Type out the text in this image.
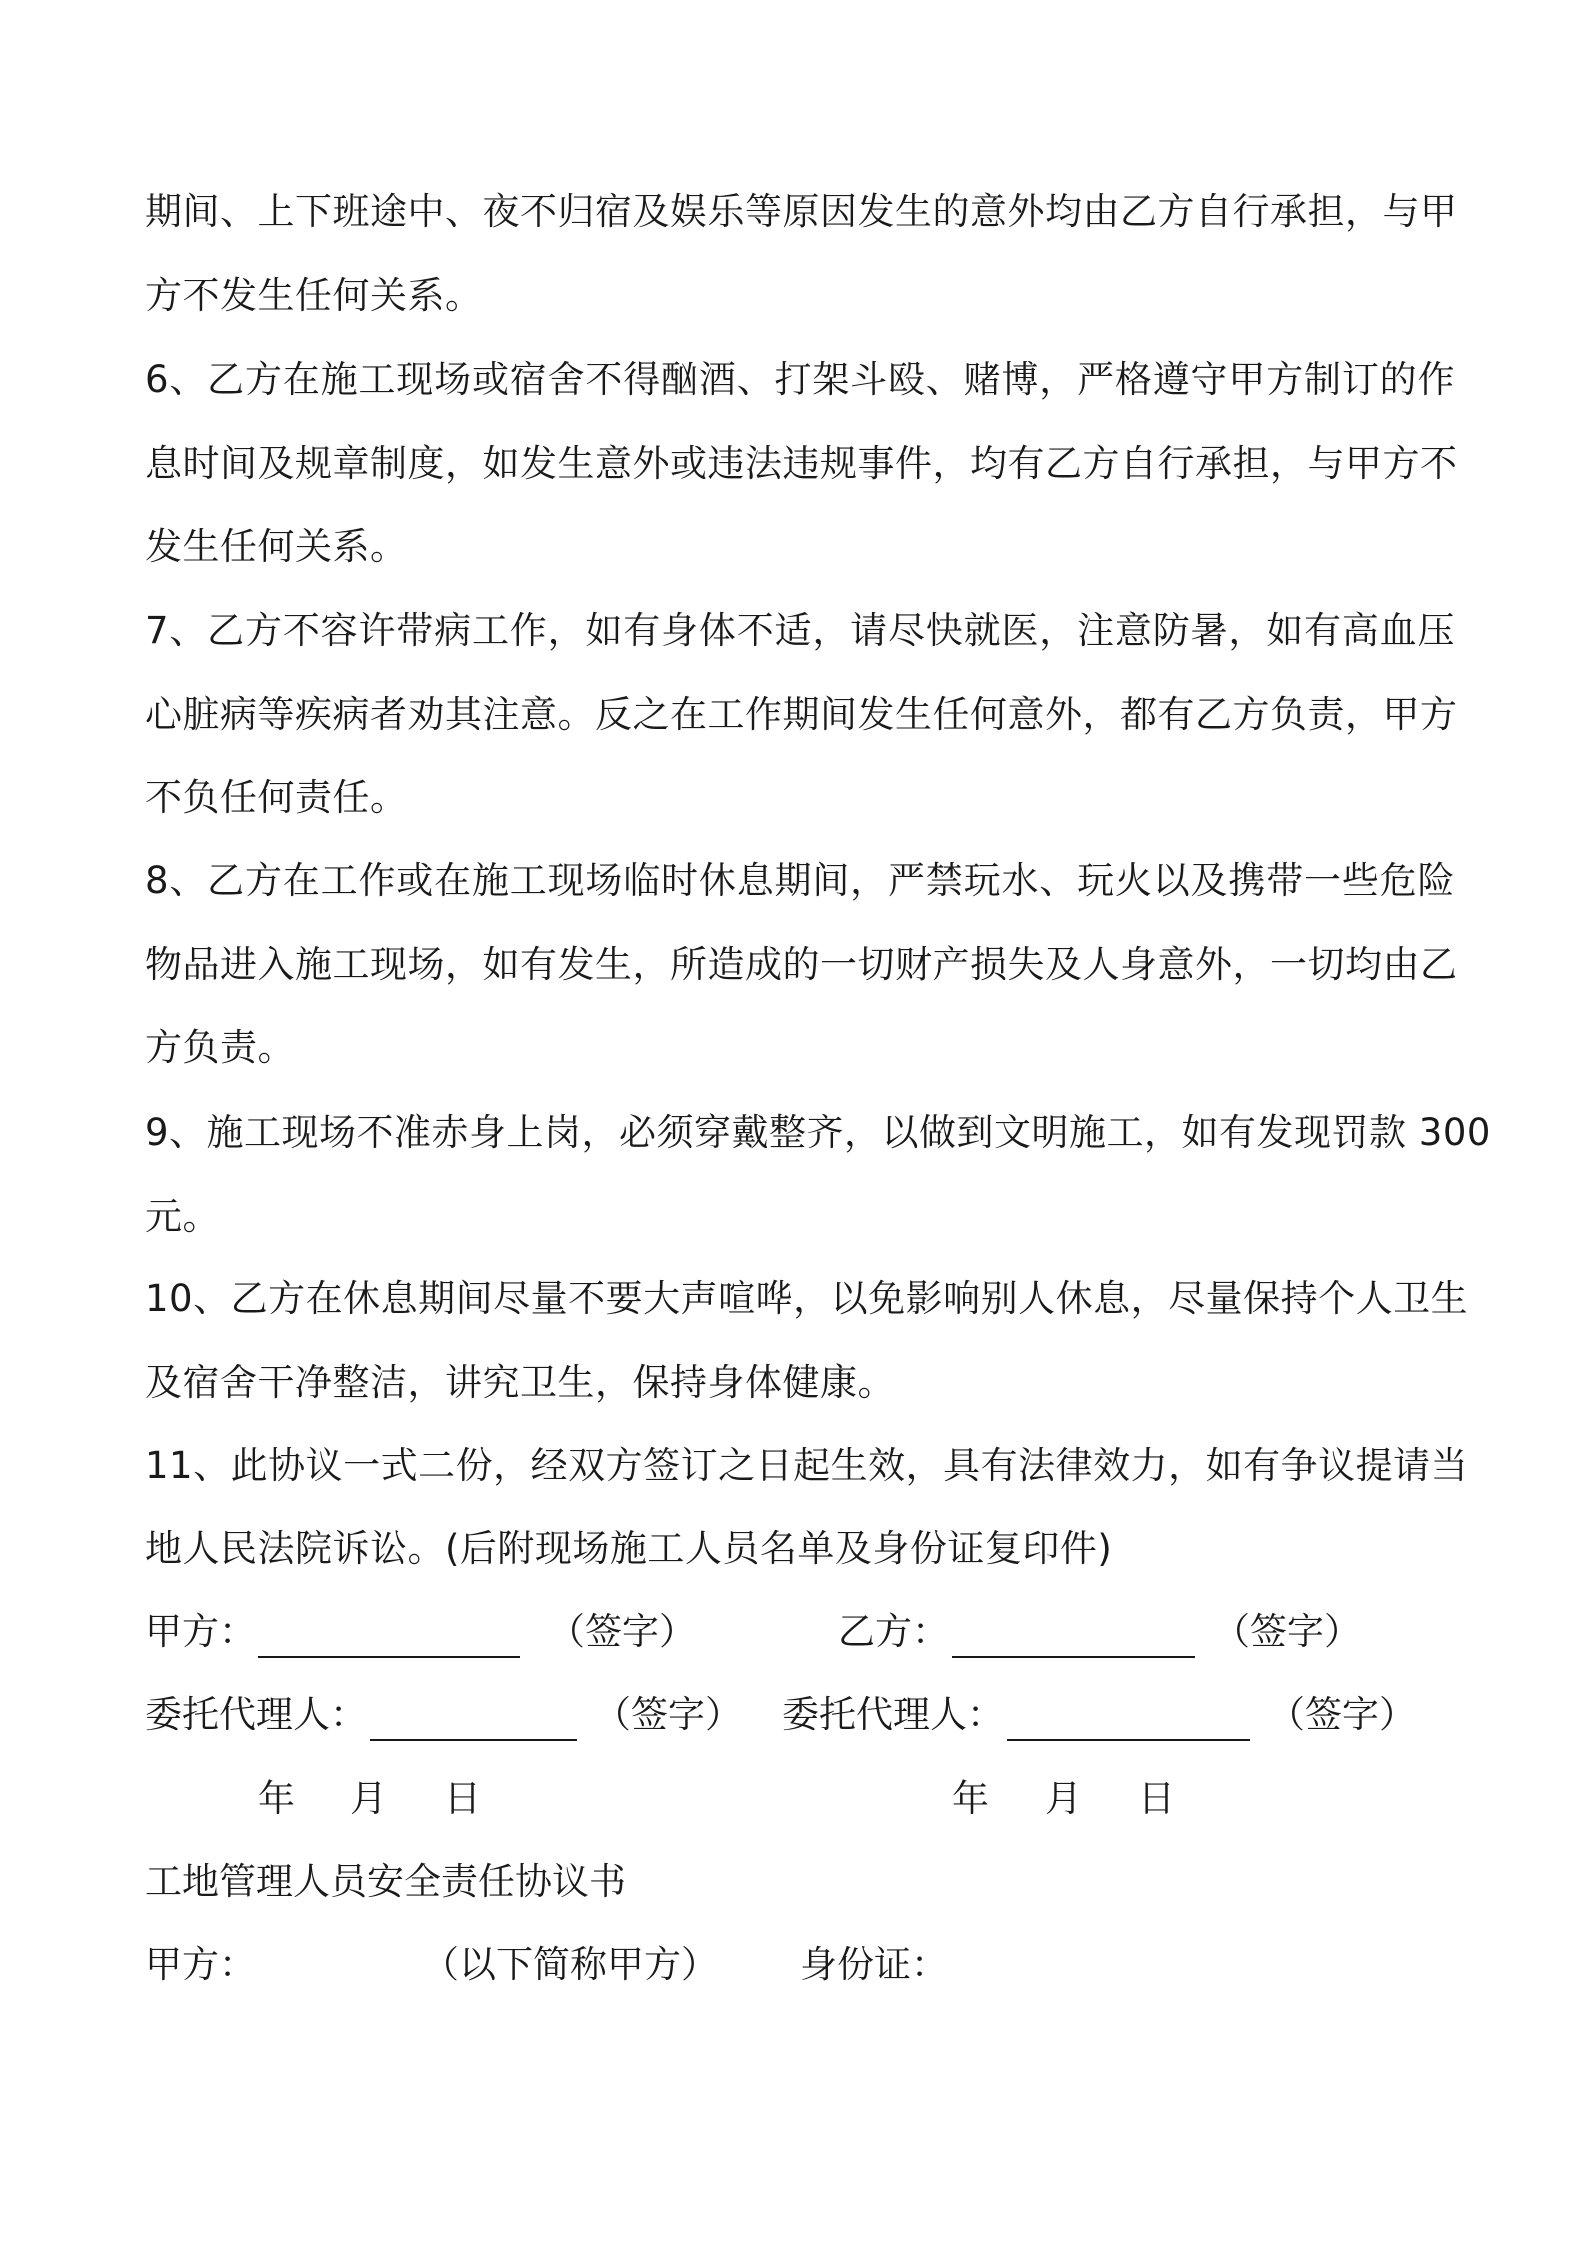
期间、上下班途中、夜不归宿及娱乐等原因发生的意外均由乙方自行承担，与甲
方不发生任何关系。
6、乙方在施工现场或宿舍不得酗酒、打架斗殴、赌博，严格遵守甲方制订的作
息时间及规章制度，如发生意外或违法违规事件，均有乙方自行承担，与甲方不
发生任何关系。
7、乙方不容许带病工作，如有身体不适，请尽快就医，注意防暑，如有高血压
心脏病等疾病者劝其注意。反之在工作期间发生任何意外，都有乙方负责，甲方
不负任何责任。
8、乙方在工作或在施工现场临时休息期间，严禁玩水、玩火以及携带一些危险
物品进入施工现场，如有发生，所造成的一切财产损失及人身意外，一切均由乙
方负责。
9、施工现场不准赤身上岗，必须穿戴整齐，以做到文明施工，如有发现罚款 300
元。
10、乙方在休息期间尽量不要大声喧哗，以免影响别人休息，尽量保持个人卫生
及宿舍干净整洁，讲究卫生，保持身体健康。
11、此协议一式二份，经双方签订之日起生效，具有法律效力，如有争议提请当
地人民法院诉讼。(后附现场施工人员名单及身份证复印件)
甲方：	（签字）	乙方：	（签字）
委托代理人：	（签字） 委托代理人：	（签字）
年 月 日	年 月 日
工地管理人员安全责任协议书
甲方：	（以下简称甲方） 身份证：
